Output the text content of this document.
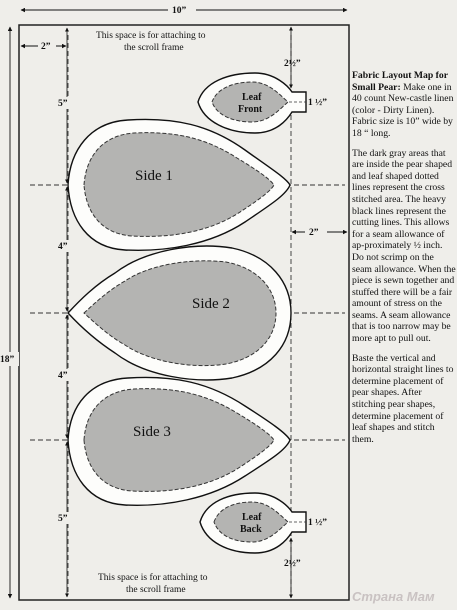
Side 1
Side 2
Side 3
Leaf
Front
Leaf
Back
10”
2”
18”
5”
4”
4”
5”
2”
2½”
1 ½”
2½”
1 ½”
This space is for attaching to
the scroll frame
This space is for attaching to
the scroll frame

Fabric Layout Map for Small Pear: Make one in 40 count New-castle linen (color - Dirty Linen). Fabric size is 10” wide by 18 “ long.

The dark gray areas that are inside the pear shaped and leaf shaped dotted lines represent the cross stitched area. The heavy black lines represent the cutting lines. This allows for a seam allowance of ap-proximately ½ inch. Do not scrimp on the seam allowance. When the piece is sewn together and stuffed there will be a fair amount of stress on the seams. A seam allowance that is too narrow may be more apt to pull out.

Baste the vertical and horizontal straight lines to determine placement of pear shapes. After stitching pear shapes, determine placement of leaf shapes and stitch them.

Страна Мам
